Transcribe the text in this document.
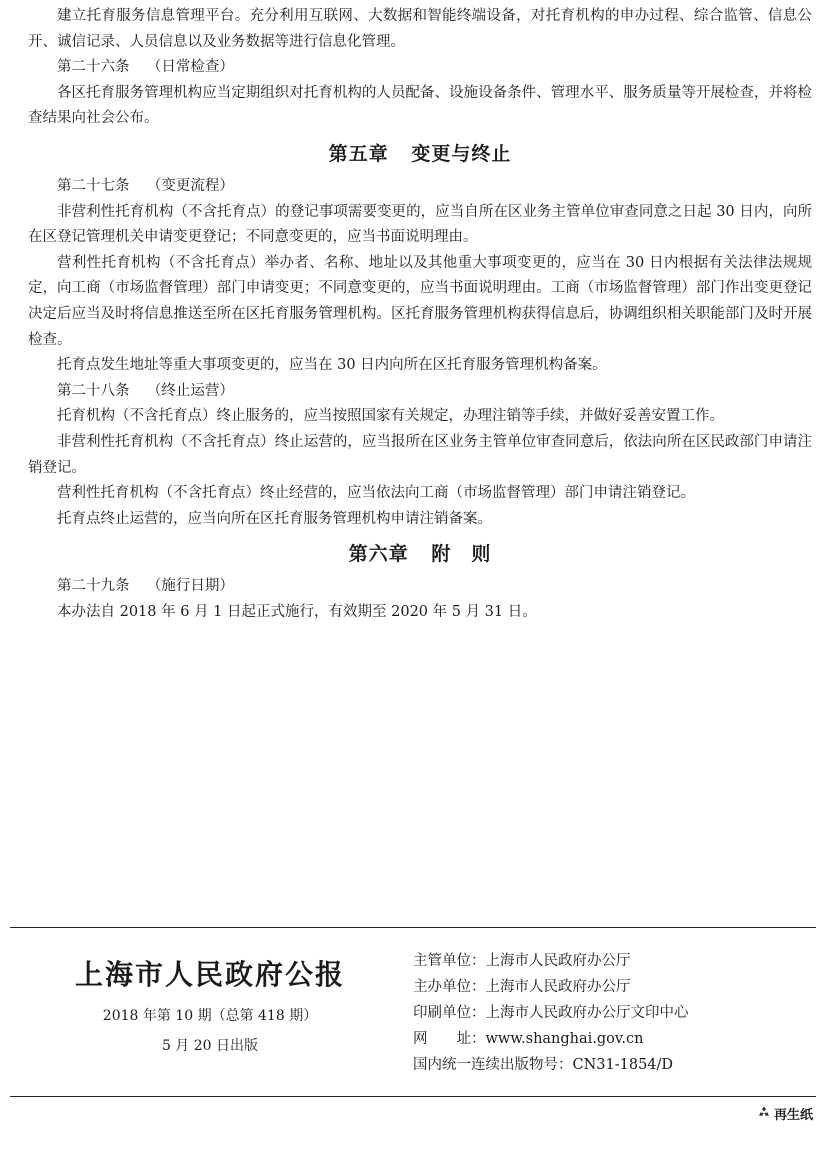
建立托育服务信息管理平台。充分利用互联网、大数据和智能终端设备，对托育机构的申办过程、综合监管、信息公开、诚信记录、人员信息以及业务数据等进行信息化管理。

第二十六条 （日常检查）

各区托育服务管理机构应当定期组织对托育机构的人员配备、设施设备条件、管理水平、服务质量等开展检查，并将检查结果向社会公布。

第五章 变更与终止

第二十七条 （变更流程）

非营利性托育机构（不含托育点）的登记事项需要变更的，应当自所在区业务主管单位审查同意之日起 30 日内，向所在区登记管理机关申请变更登记；不同意变更的，应当书面说明理由。

营利性托育机构（不含托育点）举办者、名称、地址以及其他重大事项变更的，应当在 30 日内根据有关法律法规规定，向工商（市场监督管理）部门申请变更；不同意变更的，应当书面说明理由。工商（市场监督管理）部门作出变更登记决定后应当及时将信息推送至所在区托育服务管理机构。区托育服务管理机构获得信息后，协调组织相关职能部门及时开展检查。

托育点发生地址等重大事项变更的，应当在 30 日内向所在区托育服务管理机构备案。

第二十八条 （终止运营）

托育机构（不含托育点）终止服务的，应当按照国家有关规定，办理注销等手续，并做好妥善安置工作。

非营利性托育机构（不含托育点）终止运营的，应当报所在区业务主管单位审查同意后，依法向所在区民政部门申请注销登记。

营利性托育机构（不含托育点）终止经营的，应当依法向工商（市场监督管理）部门申请注销登记。

托育点终止运营的，应当向所在区托育服务管理机构申请注销备案。

第六章 附　则

第二十九条 （施行日期）

本办法自 2018 年 6 月 1 日起正式施行，有效期至 2020 年 5 月 31 日。

上海市人民政府公报
2018 年第 10 期（总第 418 期）
5 月 20 日出版
主管单位：上海市人民政府办公厅
主办单位：上海市人民政府办公厅
印刷单位：上海市人民政府办公厅文印中心
网　　址：www.shanghai.gov.cn
国内统一连续出版物号：CN31-1854/D
再生纸
